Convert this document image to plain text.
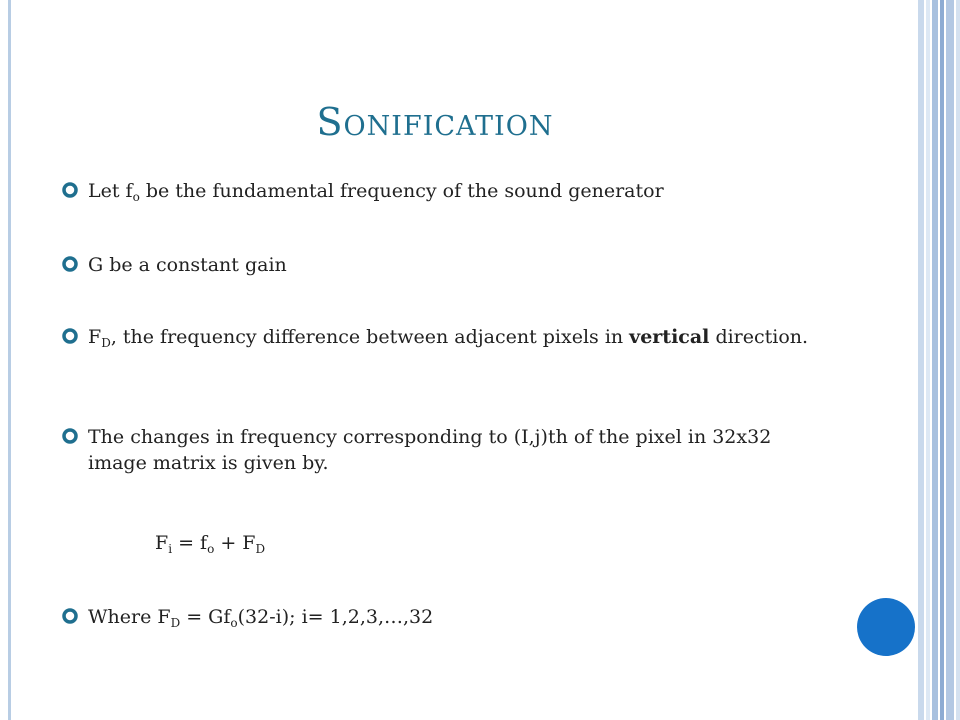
Sonification
Let $f_o$ be the fundamental frequency of the sound generator
G be a constant gain
$F_D$, the frequency difference between adjacent pixels in vertical direction.
The changes in frequency corresponding to (I,j)th of the pixel in 32x32 image matrix is given by.
$F_i = f_o + F_D$
Where $F_D = Gf_o(32-i)$; i= 1,2,3,…,32
